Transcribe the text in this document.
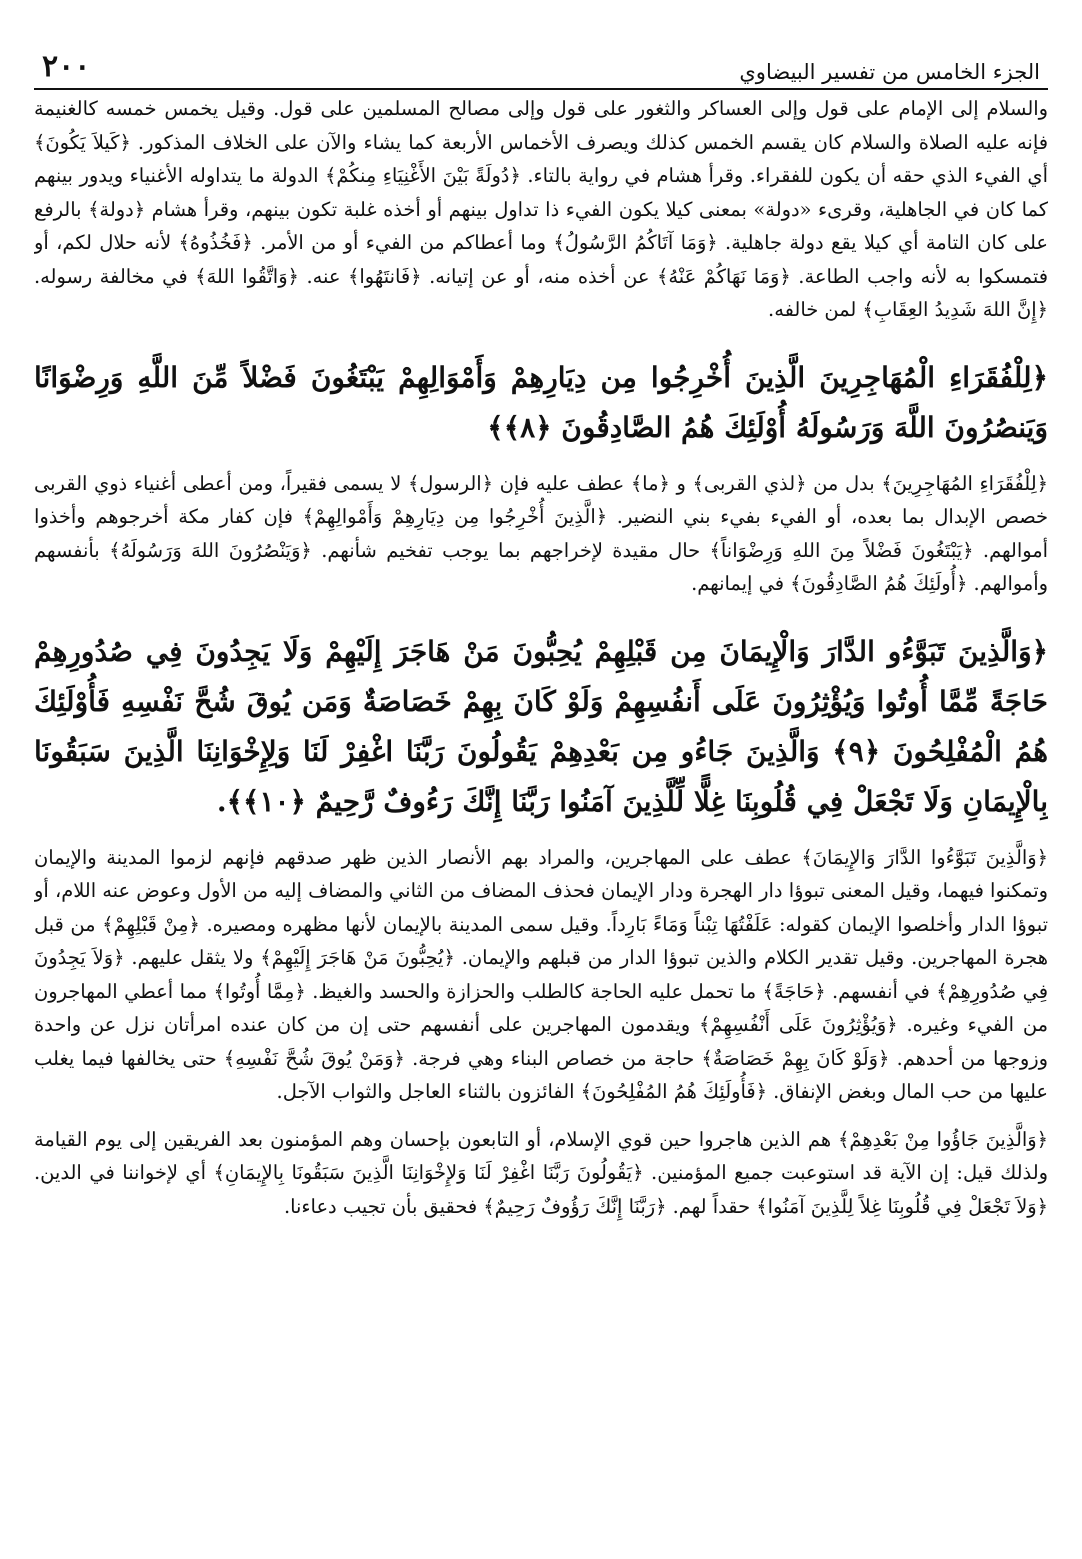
الجزء الخامس من تفسير البيضاوي
٢٠٠

والسلام إلى الإمام على قول وإلى العساكر والثغور على قول وإلى مصالح المسلمين على قول. وقيل يخمس خمسه كالغنيمة فإنه عليه الصلاة والسلام كان يقسم الخمس كذلك ويصرف الأخماس الأربعة كما يشاء والآن على الخلاف المذكور. ﴿كَيلاَ يَكُونَ﴾ أي الفيء الذي حقه أن يكون للفقراء. وقرأ هشام في رواية بالتاء. ﴿دُولَةً بَيْنَ الأَغْنِيَاءِ مِنكُمْ﴾ الدولة ما يتداوله الأغنياء ويدور بينهم كما كان في الجاهلية، وقرىء «دولة» بمعنى كيلا يكون الفيء ذا تداول بينهم أو أخذه غلبة تكون بينهم، وقرأ هشام ﴿دولة﴾ بالرفع على كان التامة أي كيلا يقع دولة جاهلية. ﴿وَمَا آتَاكُمُ الرَّسُولُ﴾ وما أعطاكم من الفيء أو من الأمر. ﴿فَخُذُوهُ﴾ لأنه حلال لكم، أو فتمسكوا به لأنه واجب الطاعة. ﴿وَمَا نَهَاكُمْ عَنْهُ﴾ عن أخذه منه، أو عن إتيانه. ﴿فَانتَهُوا﴾ عنه. ﴿وَاتَّقُوا اللهَ﴾ في مخالفة رسوله. ﴿إِنَّ اللهَ شَدِيدُ العِقَابِ﴾ لمن خالفه.

﴿لِلْفُقَرَاءِ الْمُهَاجِرِينَ الَّذِينَ أُخْرِجُوا مِن دِيَارِهِمْ وَأَمْوَالِهِمْ يَبْتَغُونَ فَضْلاً مِّنَ اللَّهِ وَرِضْوَانًا وَيَنصُرُونَ اللَّهَ وَرَسُولَهُ أُوْلَئِكَ هُمُ الصَّادِقُونَ ﴿٨﴾﴾

﴿لِلْفُقَرَاءِ المُهَاجِرِينَ﴾ بدل من ﴿لذي القربى﴾ و ﴿ما﴾ عطف عليه فإن ﴿الرسول﴾ لا يسمى فقيراً، ومن أعطى أغنياء ذوي القربى خصص الإبدال بما بعده، أو الفيء بفيء بني النضير. ﴿الَّذِينَ أُخْرِجُوا مِن دِيَارِهِمْ وَأَمْوالِهِمْ﴾ فإن كفار مكة أخرجوهم وأخذوا أموالهم. ﴿يَبْتَغُونَ فَضْلاً مِنَ اللهِ وَرِضْوَاناً﴾ حال مقيدة لإخراجهم بما يوجب تفخيم شأنهم. ﴿وَيَنْصُرُونَ اللهَ وَرَسُولَهُ﴾ بأنفسهم وأموالهم. ﴿أُولَئِكَ هُمُ الصَّادِقُونَ﴾ في إيمانهم.

﴿وَالَّذِينَ تَبَوَّءُو الدَّارَ وَالْإِيمَانَ مِن قَبْلِهِمْ يُحِبُّونَ مَنْ هَاجَرَ إِلَيْهِمْ وَلَا يَجِدُونَ فِي صُدُورِهِمْ حَاجَةً مِّمَّا أُوتُوا وَيُؤْثِرُونَ عَلَى أَنفُسِهِمْ وَلَوْ كَانَ بِهِمْ خَصَاصَةٌ وَمَن يُوقَ شُحَّ نَفْسِهِ فَأُوْلَئِكَ هُمُ الْمُفْلِحُونَ ﴿٩﴾ وَالَّذِينَ جَاءُو مِن بَعْدِهِمْ يَقُولُونَ رَبَّنَا اغْفِرْ لَنَا وَلِإِخْوَانِنَا الَّذِينَ سَبَقُونَا بِالْإِيمَانِ وَلَا تَجْعَلْ فِي قُلُوبِنَا غِلًّا لِّلَّذِينَ آمَنُوا رَبَّنَا إِنَّكَ رَءُوفٌ رَّحِيمٌ ﴿١٠﴾﴾.

﴿وَالَّذِينَ تَبَوَّءُوا الدَّارَ وَالإِيمَانَ﴾ عطف على المهاجرين، والمراد بهم الأنصار الذين ظهر صدقهم فإنهم لزموا المدينة والإيمان وتمكنوا فيهما، وقيل المعنى تبوؤا دار الهجرة ودار الإيمان فحذف المضاف من الثاني والمضاف إليه من الأول وعوض عنه اللام، أو تبوؤا الدار وأخلصوا الإيمان كقوله: عَلَفْتُهَا تِبْناً وَمَاءً بَارِداً. وقيل سمى المدينة بالإيمان لأنها مظهره ومصيره. ﴿مِنْ قَبْلِهِمْ﴾ من قبل هجرة المهاجرين. وقيل تقدير الكلام والذين تبوؤا الدار من قبلهم والإيمان. ﴿يُحِبُّونَ مَنْ هَاجَرَ إِلَيْهِمْ﴾ ولا يثقل عليهم. ﴿وَلاَ يَجِدُونَ فِي صُدُورِهِمْ﴾ في أنفسهم. ﴿حَاجَةً﴾ ما تحمل عليه الحاجة كالطلب والحزازة والحسد والغيظ. ﴿مِمَّا أُوتُوا﴾ مما أعطي المهاجرون من الفيء وغيره. ﴿وَيُؤْثِرُونَ عَلَى أَنْفُسِهِمْ﴾ ويقدمون المهاجرين على أنفسهم حتى إن من كان عنده امرأتان نزل عن واحدة وزوجها من أحدهم. ﴿وَلَوْ كَانَ بِهِمْ خَصَاصَةٌ﴾ حاجة من خصاص البناء وهي فرجة. ﴿وَمَنْ يُوقَ شُحَّ نَفْسِهِ﴾ حتى يخالفها فيما يغلب عليها من حب المال وبغض الإنفاق. ﴿فَأُولَئِكَ هُمُ المُفْلِحُونَ﴾ الفائزون بالثناء العاجل والثواب الآجل.

﴿وَالَّذِينَ جَاؤُوا مِنْ بَعْدِهِمْ﴾ هم الذين هاجروا حين قوي الإسلام، أو التابعون بإحسان وهم المؤمنون بعد الفريقين إلى يوم القيامة ولذلك قيل: إن الآية قد استوعبت جميع المؤمنين. ﴿يَقُولُونَ رَبَّنَا اغْفِرْ لَنَا وَلإِخْوَانِنَا الَّذِينَ سَبَقُونَا بِالإِيمَانِ﴾ أي لإخواننا في الدين. ﴿وَلاَ تَجْعَلْ فِي قُلُوبِنَا غِلاً لِلَّذِينَ آمَنُوا﴾ حقداً لهم. ﴿رَبَّنَا إِنَّكَ رَؤُوفٌ رَحِيمٌ﴾ فحقيق بأن تجيب دعاءنا.
